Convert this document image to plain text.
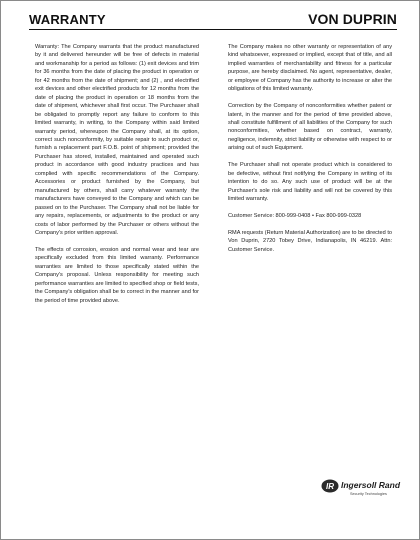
WARRANTY	VON DUPRIN

Warranty: The Company warrants that the product manufactured by it and delivered hereunder will be free of defects in material and workmanship for a period as follows: (1) exit devices and trim for 36 months from the date of placing the product in operation or for 42 months from the date of shipment; and (2) , and electrified exit devices and other electrified products for 12 months from the date of placing the product in operation or 18 months from the date of shipment, whichever shall first occur. The Purchaser shall be obligated to promptly report any failure to conform to this limited warranty, in writing, to the Company within said limited warranty period, whereupon the Company shall, at its option, correct such nonconformity, by suitable repair to such product or, furnish a replacement part F.O.B. point of shipment; provided the Purchaser has stored, installed, maintained and operated such product in accordance with good industry practices and has complied with specific recommendations of the Company. Accessories or product furnished by the Company, but manufactured by others, shall carry whatever warranty the manufacturers have conveyed to the Company and which can be passed on to the Purchaser. The Company shall not be liable for any repairs, replacements, or adjustments to the product or any costs of labor performed by the Purchaser or others without the Company's prior written approval.

The effects of corrosion, erosion and normal wear and tear are specifically excluded from this limited warranty. Performance warranties are limited to those specifically stated within the Company's proposal. Unless responsibility for meeting such performance warranties are limited to specified shop or field tests, the Company's obligation shall be to correct in the manner and for the period of time provided above.

The Company makes no other warranty or representation of any kind whatsoever, expressed or implied, except that of title, and all implied warranties of merchantability and fitness for a particular purpose, are hereby disclaimed. No agent, representative, dealer, or employee of Company has the authority to increase or alter the obligations of this limited warranty.

Correction by the Company of nonconformities whether patent or latent, in the manner and for the period of time provided above, shall constitute fulfillment of all liabilities of the Company for such nonconformities, whether based on contract, warranty, negligence, indemnity, strict liability or otherwise with respect to or arising out of such Equipment.

The Purchaser shall not operate product which is considered to be defective, without first notifying the Company in writing of its intention to do so. Any such use of product will be at the Purchaser's sole risk and liability and will not be covered by this limited warranty.

Customer Service: 800-999-0408 • Fax 800-999-0328

RMA requests (Return Material Authorization) are to be directed to Von Duprin, 2720 Tobey Drive, Indianapolis, IN 46219. Attn: Customer Service.

IR Ingersoll Rand
Security Technologies
